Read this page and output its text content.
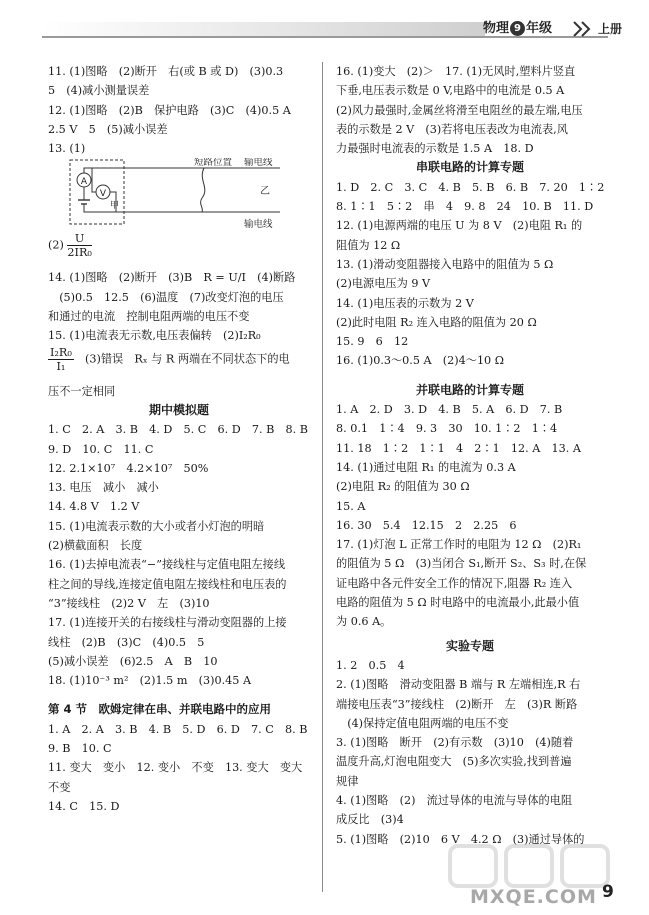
物理 9 年级	上册
11. (1)图略　(2)断开　右(或 B 或 D)　(3)0.3
5　(4)减小测量误差
12. (1)图略　(2)B　保护电路　(3)C　(4)0.5 A
2.5 V　5　(5)减小误差
13. (1)
A
V
甲
短路位置 输电线
乙
输电线
$(2) \frac{U}{\text{2IR₀}}$
14. (1)图略　(2)断开　(3)B　R = U/I　(4)断路
　(5)0.5　12.5　(6)温度　(7)改变灯泡的电压
和通过的电流　控制电阻两端的电压不变
15. (1)电流表无示数,电压表偏转　(2)I₂R₀
$\frac{\text{I₂R₀}}{\text{I₁}}$ 　(3)错误　Rₓ 与 R 两端在不同状态下的电
压不一定相同
期中模拟题
1. C　2. A　3. B　4. D　5. C　6. D　7. B　8. B
9. D　10. C　11. C
12. 2.1×10⁷　4.2×10⁷　50%
13. 电压　减小　减小
14. 4.8 V　1.2 V
15. (1)电流表示数的大小或者小灯泡的明暗
(2)横截面积　长度
16. (1)去掉电流表“−”接线柱与定值电阻左接线
柱之间的导线,连接定值电阻左接线柱和电压表的
“3”接线柱　(2)2 V　左　(3)10
17. (1)连接开关的右接线柱与滑动变阻器的上接
线柱　(2)B　(3)C　(4)0.5　5
(5)减小误差　(6)2.5　A　B　10
18. (1)10⁻³ m²　(2)1.5 m　(3)0.45 A
第 4 节　欧姆定律在串、并联电路中的应用
1. A　2. A　3. B　4. B　5. D　6. D　7. C　8. B
9. B　10. C
11. 变大　变小　12. 变小　不变　13. 变大　变大
不变
14. C　15. D
16. (1)变大　(2)＞　17. (1)无风时,塑料片竖直
下垂,电压表示数是 0 V,电路中的电流是 0.5 A
(2)风力最强时,金属丝将滑至电阻丝的最左端,电压
表的示数是 2 V　(3)若将电压表改为电流表,风
力最强时电流表的示数是 1.5 A　18. D
串联电路的计算专题
1. D　2. C　3. C　4. B　5. B　6. B　7. 20　1∶2
8. 1∶1　5∶2　串　4　9. 8　24　10. B　11. D
12. (1)电源两端的电压 U 为 8 V　(2)电阻 R₁ 的
阻值为 12 Ω
13. (1)滑动变阻器接入电路中的阻值为 5 Ω
(2)电源电压为 9 V
14. (1)电压表的示数为 2 V
(2)此时电阻 R₂ 连入电路的阻值为 20 Ω
15. 9　6　12
16. (1)0.3～0.5 A　(2)4～10 Ω
并联电路的计算专题
1. A　2. D　3. D　4. B　5. A　6. D　7. B
8. 0.1　1∶4　9. 3　30　10. 1∶2　1∶4
11. 18　1∶2　1∶1　4　2∶1　12. A　13. A
14. (1)通过电阻 R₁ 的电流为 0.3 A
(2)电阻 R₂ 的阻值为 30 Ω
15. A
16. 30　5.4　12.15　2　2.25　6
17. (1)灯泡 L 正常工作时的电阻为 12 Ω　(2)R₁
的阻值为 5 Ω　(3)当闭合 S₁,断开 S₂、S₃ 时,在保
证电路中各元件安全工作的情况下,阻器 R₂ 连入
电路的阻值为 5 Ω 时电路中的电流最小,此最小值
为 0.6 A。
实验专题
1. 2　0.5　4
2. (1)图略　滑动变阻器 B 端与 R 左端相连,R 右
端接电压表“3”接线柱　(2)断开　左　(3)R 断路
　(4)保持定值电阻两端的电压不变
3. (1)图略　断开　(2)有示数　(3)10　(4)随着
温度升高,灯泡电阻变大　(5)多次实验,找到普遍
规律
4. (1)图略　(2)　流过导体的电流与导体的电阻
成反比　(3)4
5. (1)图略　(2)10　6 V　4.2 Ω　(3)通过导体的
MXQE.COM 9
